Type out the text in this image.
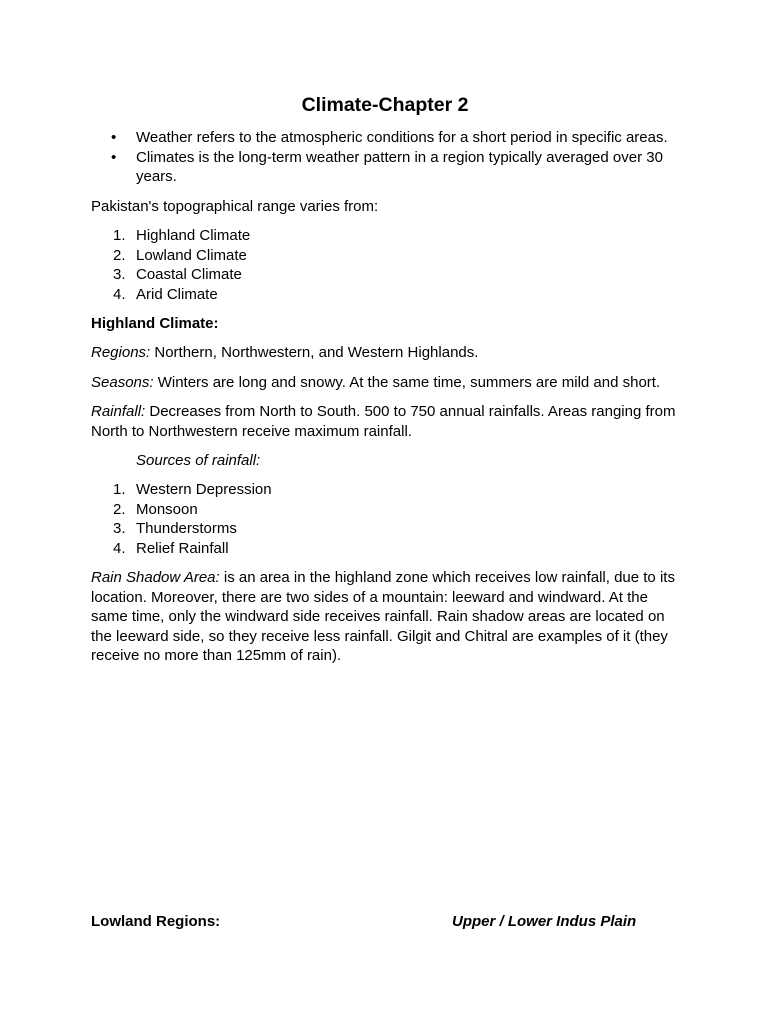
Climate-Chapter 2
• Weather refers to the atmospheric conditions for a short period in specific areas.
• Climates is the long-term weather pattern in a region typically averaged over 30 years.

Pakistan's topographical range varies from:

1. Highland Climate
2. Lowland Climate
3. Coastal Climate
4. Arid Climate

Highland Climate:

Regions: Northern, Northwestern, and Western Highlands.

Seasons: Winters are long and snowy. At the same time, summers are mild and short.

Rainfall: Decreases from North to South. 500 to 750 annual rainfalls. Areas ranging from North to Northwestern receive maximum rainfall.

Sources of rainfall:

1. Western Depression
2. Monsoon
3. Thunderstorms
4. Relief Rainfall

Rain Shadow Area: is an area in the highland zone which receives low rainfall, due to its location. Moreover, there are two sides of a mountain: leeward and windward. At the same time, only the windward side receives rainfall. Rain shadow areas are located on the leeward side, so they receive less rainfall. Gilgit and Chitral are examples of it (they receive no more than 125mm of rain).

Lowland Regions:	Upper / Lower Indus Plain
